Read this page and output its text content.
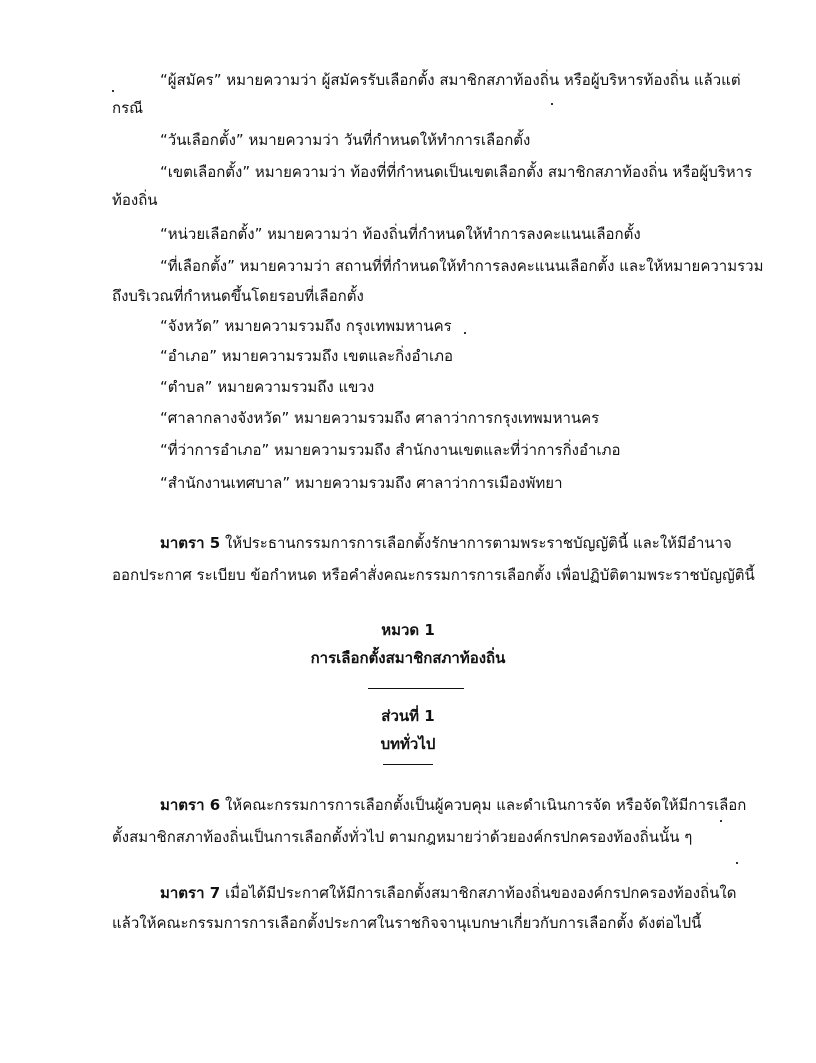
“ผู้สมัคร” หมายความว่า ผู้สมัครรับเลือกตั้ง สมาชิกสภาท้องถิ่น หรือผู้บริหารท้องถิ่น แล้วแต่
กรณี
“วันเลือกตั้ง” หมายความว่า วันที่กำหนดให้ทำการเลือกตั้ง
“เขตเลือกตั้ง” หมายความว่า ท้องที่ที่กำหนดเป็นเขตเลือกตั้ง สมาชิกสภาท้องถิ่น หรือผู้บริหาร
ท้องถิ่น
“หน่วยเลือกตั้ง” หมายความว่า ท้องถิ่นที่กำหนดให้ทำการลงคะแนนเลือกตั้ง
“ที่เลือกตั้ง” หมายความว่า สถานที่ที่กำหนดให้ทำการลงคะแนนเลือกตั้ง และให้หมายความรวม
ถึงบริเวณที่กำหนดขึ้นโดยรอบที่เลือกตั้ง
“จังหวัด” หมายความรวมถึง กรุงเทพมหานคร
“อำเภอ” หมายความรวมถึง เขตและกิ่งอำเภอ
“ตำบล” หมายความรวมถึง แขวง
“ศาลากลางจังหวัด” หมายความรวมถึง ศาลาว่าการกรุงเทพมหานคร
“ที่ว่าการอำเภอ” หมายความรวมถึง สำนักงานเขตและที่ว่าการกิ่งอำเภอ
“สำนักงานเทศบาล” หมายความรวมถึง ศาลาว่าการเมืองพัทยา
มาตรา 5 ให้ประธานกรรมการการเลือกตั้งรักษาการตามพระราชบัญญัตินี้ และให้มีอำนาจ
ออกประกาศ ระเบียบ ข้อกำหนด หรือคำสั่งคณะกรรมการการเลือกตั้ง เพื่อปฏิบัติตามพระราชบัญญัตินี้
หมวด 1
การเลือกตั้งสมาชิกสภาท้องถิ่น
ส่วนที่ 1
บททั่วไป
มาตรา 6 ให้คณะกรรมการการเลือกตั้งเป็นผู้ควบคุม และดำเนินการจัด หรือจัดให้มีการเลือก
ตั้งสมาชิกสภาท้องถิ่นเป็นการเลือกตั้งทั่วไป ตามกฎหมายว่าด้วยองค์กรปกครองท้องถิ่นนั้น ๆ
มาตรา 7 เมื่อได้มีประกาศให้มีการเลือกตั้งสมาชิกสภาท้องถิ่นขององค์กรปกครองท้องถิ่นใด
แล้วให้คณะกรรมการการเลือกตั้งประกาศในราชกิจจานุเบกษาเกี่ยวกับการเลือกตั้ง ดังต่อไปนี้
